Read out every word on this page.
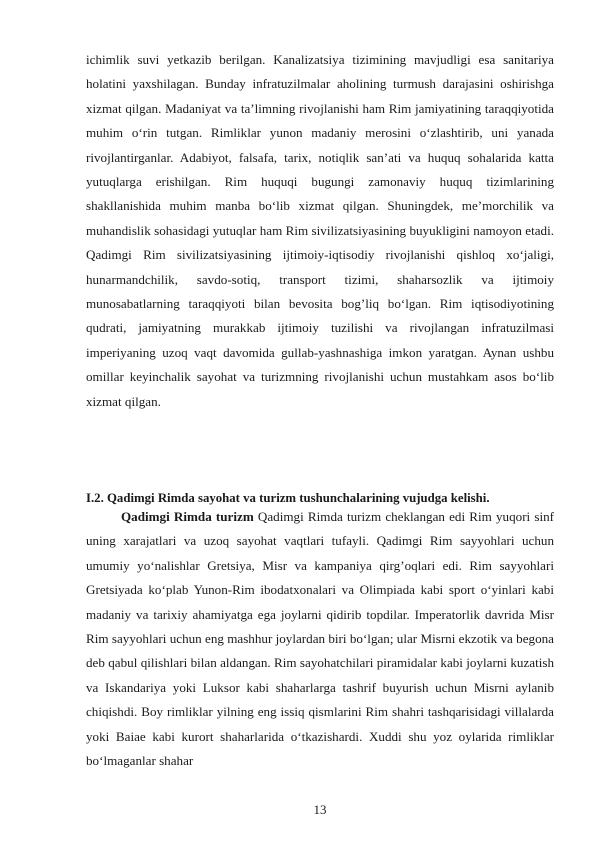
ichimlik suvi yetkazib berilgan. Kanalizatsiya tizimining mavjudligi esa sanitariya holatini yaxshilagan. Bunday infratuzilmalar aholining turmush darajasini oshirishga xizmat qilgan. Madaniyat va ta’limning rivojlanishi ham Rim jamiyatining taraqqiyotida muhim o‘rin tutgan. Rimliklar yunon madaniy merosini o‘zlashtirib, uni yanada rivojlantirganlar. Adabiyot, falsafa, tarix, notiqlik san’ati va huquq sohalarida katta yutuqlarga erishilgan. Rim huquqi bugungi zamonaviy huquq tizimlarining shakllanishida muhim manba bo‘lib xizmat qilgan. Shuningdek, me’morchilik va muhandislik sohasidagi yutuqlar ham Rim sivilizatsiyasining buyukligini namoyon etadi. Qadimgi Rim sivilizatsiyasining ijtimoiy-iqtisodiy rivojlanishi qishloq xo‘jaligi, hunarmandchilik, savdo-sotiq, transport tizimi, shaharsozlik va ijtimoiy munosabatlarning taraqqiyoti bilan bevosita bog’liq bo‘lgan. Rim iqtisodiyotining qudrati, jamiyatning murakkab ijtimoiy tuzilishi va rivojlangan infratuzilmasi imperiyaning uzoq vaqt davomida gullab-yashnashiga imkon yaratgan. Aynan ushbu omillar keyinchalik sayohat va turizmning rivojlanishi uchun mustahkam asos bo‘lib xizmat qilgan.

I.2. Qadimgi Rimda sayohat va turizm tushunchalarining vujudga kelishi.

Qadimgi Rimda turizm Qadimgi Rimda turizm cheklangan edi Rim yuqori sinf uning xarajatlari va uzoq sayohat vaqtlari tufayli. Qadimgi Rim sayyohlari uchun umumiy yo‘nalishlar Gretsiya, Misr va kampaniya qirg’oqlari edi. Rim sayyohlari Gretsiyada ko‘plab Yunon-Rim ibodatxonalari va Olimpiada kabi sport o‘yinlari kabi madaniy va tarixiy ahamiyatga ega joylarni qidirib topdilar. Imperatorlik davrida Misr Rim sayyohlari uchun eng mashhur joylardan biri bo‘lgan; ular Misrni ekzotik va begona deb qabul qilishlari bilan aldangan. Rim sayohatchilari piramidalar kabi joylarni kuzatish va Iskandariya yoki Luksor kabi shaharlarga tashrif buyurish uchun Misrni aylanib chiqishdi. Boy rimliklar yilning eng issiq qismlarini Rim shahri tashqarisidagi villalarda yoki Baiae kabi kurort shaharlarida o‘tkazishardi. Xuddi shu yoz oylarida rimliklar bo‘lmaganlar shahar

13
